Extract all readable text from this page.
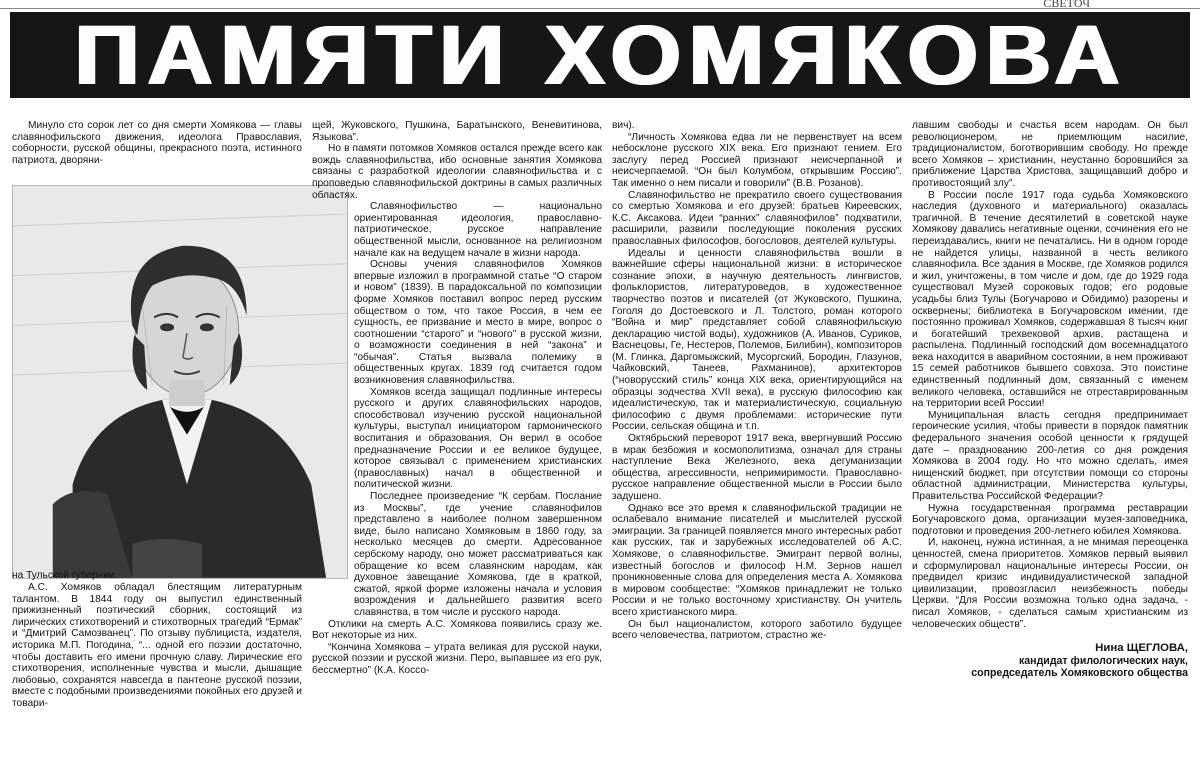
СВЕТОЧ
ПАМЯТИ ХОМЯКОВА

Минуло сто сорок лет со дня смерти Хомякова — главы славянофильского движения, идеолога Православия, соборности, русской общины, прекрасного поэта, истинного патриота, дворяни-

на Тульской губернии.

А.С. Хомяков обладал блестящим литературным талантом. В 1844 году он выпустил единственный прижизненный поэтический сборник, состоящий из лирических стихотворений и стихотворных трагедий “Ермак” и “Дмитрий Самозванец”. По отзыву публициста, издателя, историка М.П. Погодина, “... одной его поэзии достаточно, чтобы доставить его имени прочную славу. Лирические его стихотворения, исполненные чувства и мысли, дышащие любовью, сохранятся навсегда в пантеоне русской поэзии, вместе с подобными произведениями покойных его друзей и товари-

щей, Жуковского, Пушкина, Баратынского, Веневитинова, Языкова”.

Но в памяти потомков Хомяков остался прежде всего как вождь славянофильства, ибо основные занятия Хомякова связаны с разработкой идеологии славянофильства и с проповедью славянофильской доктрины в самых различных областях.

Славянофильство — национально ориентированная идеология, православно-патриотическое, русское направление общественной мысли, основанное на религиозном начале как на ведущем начале в жизни народа.

Основы учения славянофилов Хомяков впервые изложил в программной статье “О старом и новом” (1839). В парадоксальной по композиции форме Хомяков поставил вопрос перед русским обществом о том, что такое Россия, в чем ее сущность, ее призвание и место в мире, вопрос о соотношении “старого” и “нового” в русской жизни, о возможности соединения в ней “закона” и “обычая”. Статья вызвала полемику в общественных кругах. 1839 год считается годом возникновения славянофильства.

Хомяков всегда защищал подлинные интересы русского и других славянофильских народов, способствовал изучению русской национальной культуры, выступал инициатором гармонического воспитания и образования. Он верил в особое предназначение России и ее великое будущее, которое связывал с применением христианских (православных) начал в общественной и политической жизни.

Последнее произведение “К сербам. Послание из Москвы”, где учение славянофилов представлено в наиболее полном завершенном виде, было написано Хомяковым в 1860 году, за несколько месяцев до смерти. Адресованное сербскому народу, оно может рассматриваться как обращение ко всем славянским народам, как духовное завещание Хомякова, где в краткой, сжатой, яркой форме изложены начала и условия возрождения и дальнейшего развития всего славянства, в том числе и русского народа.

Отклики на смерть А.С. Хомякова появились сразу же. Вот некоторые из них.

“Кончина Хомякова – утрата великая для русской науки, русской поэзии и русской жизни. Перо, выпавшее из его рук, бессмертно” (К.А. Коссо-

вич).

“Личность Хомякова едва ли не первенствует на всем небосклоне русского XIX века. Его признают гением. Его заслугу перед Россией признают неисчерпанной и неисчерпаемой. “Он был Колумбом, открывшим Россию”. Так именно о нем писали и говорили” (В.В. Розанов).

Славянофильство не прекратило своего существования со смертью Хомякова и его друзей: братьев Киреевских, К.С. Аксакова. Идеи “ранних” славянофилов” подхватили, расширили, развили последующие поколения русских православных философов, богословов, деятелей культуры.

Идеалы и ценности славянофильства вошли в важнейшие сферы национальной жизни: в историческое сознание эпохи, в научную деятельность лингвистов, фольклористов, литературоведов, в художественное творчество поэтов и писателей (от Жуковского, Пушкина, Гоголя до Достоевского и Л. Толстого, роман которого “Война и мир” представляет собой славянофильскую декларацию чистой воды), художников (А. Иванов, Суриков, Васнецовы, Ге, Нестеров, Полемов, Билибин), композиторов (М. Глинка, Даргомыжский, Мусоргский, Бородин, Глазунов, Чайковский, Танеев, Рахманинов), архитекторов (“новорусский стиль” конца XIX века, ориентирующийся на образцы зодчества XVII века), в русскую философию как идеалистическую, так и материалистическую, социальную философию с двумя проблемами: исторические пути России, сельская община и т.п.

Октябрьский переворот 1917 века, ввергнувший Россию в мрак безбожия и космополитизма, означал для страны наступление Века Железного, века дегуманизации общества, агрессивности, непримиримости. Православно-русское направление общественной мысли в России было задушено.

Однако все это время к славянофильской традиции не ослабевало внимание писателей и мыслителей русской эмиграции. За границей появляется много интересных работ как русских, так и зарубежных исследователей об А.С. Хомякове, о славянофильстве. Эмигрант первой волны, известный богослов и философ Н.М. Зернов нашел проникновенные слова для определения места А. Хомякова в мировом сообществе: “Хомяков принадлежит не только России и не только восточному христианству. Он учитель всего христианского мира.

Он был националистом, которого заботило будущее всего человечества, патриотом, страстно же-

лавшим свободы и счастья всем народам. Он был революционером, не приемлющим насилие, традиционалистом, боготворившим свободу. Но прежде всего Хомяков – христианин, неустанно боровшийся за приближение Царства Христова, защищавший добро и противостоящий злу”.

В России после 1917 года судьба Хомяковского наследия (духовного и материального) оказалась трагичной. В течение десятилетий в советской науке Хомякову давались негативные оценки, сочинения его не переиздавались, книги не печатались. Ни в одном городе не найдется улицы, названной в честь великого славянофила. Все здания в Москве, где Хомяков родился и жил, уничтожены, в том числе и дом, где до 1929 года существовал Музей сороковых годов; его родовые усадьбы близ Тулы (Богучарово и Обидимо) разорены и осквернены; библиотека в Богучаровском имении, где постоянно проживал Хомяков, содержавшая 8 тысяч книг и богатейший трехвековой архив, растащена и распылена. Подлинный господский дом восемнадцатого века находится в аварийном состоянии, в нем проживают 15 семей работников бывшего совхоза. Это поистине единственный подлинный дом, связанный с именем великого человека, оставшийся не отреставрированным на территории всей России!

Муниципальная власть сегодня предпринимает героические усилия, чтобы привести в порядок памятник федерального значения особой ценности к грядущей дате – празднованию 200-летия со дня рождения Хомякова в 2004 году. Но что можно сделать, имея нищенский бюджет, при отсутствии помощи со стороны областной администрации, Министерства культуры, Правительства Российской Федерации?

Нужна государственная программа реставрации Богучаровского дома, организации музея-заповедника, подготовки и проведения 200-летнего юбилея Хомякова.

И, наконец, нужна истинная, а не мнимая переоценка ценностей, смена приоритетов. Хомяков первый выявил и сформулировал национальные интересы России, он предвидел кризис индивидуалистической западной цивилизации, провозгласил неизбежность победы Церкви. “Для России возможна только одна задача, - писал Хомяков, - сделаться самым христианским из человеческих обществ”.

Нина ЩЕГЛОВА,
кандидат филологических наук,
сопредседатель Хомяковского общества
